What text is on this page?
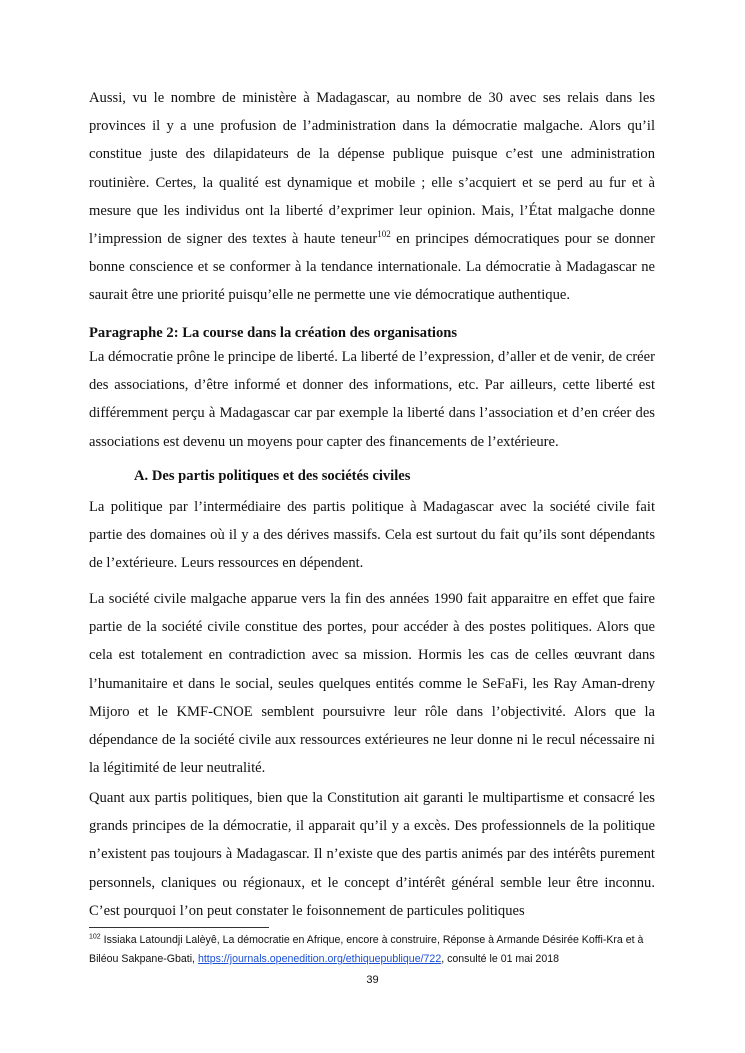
Aussi, vu le nombre de ministère à Madagascar, au nombre de 30 avec ses relais dans les provinces il y a une profusion de l’administration dans la démocratie malgache. Alors qu’il constitue juste des dilapidateurs de la dépense publique puisque c’est une administration routinière. Certes, la qualité est dynamique et mobile ; elle s’acquiert et se perd au fur et à mesure que les individus ont la liberté d’exprimer leur opinion. Mais, l’État malgache donne l’impression de signer des textes à haute teneur$^{102}$ en principes démocratiques pour se donner bonne conscience et se conformer à la tendance internationale. La démocratie à Madagascar ne saurait être une priorité puisqu’elle ne permette une vie démocratique authentique.

Paragraphe 2: La course dans la création des organisations

La démocratie prône le principe de liberté. La liberté de l’expression, d’aller et de venir, de créer des associations, d’être informé et donner des informations, etc. Par ailleurs, cette liberté est différemment perçu à Madagascar car par exemple la liberté dans l’association et d’en créer des associations est devenu un moyens pour capter des financements de l’extérieure.

A. Des partis politiques et des sociétés civiles

La politique par l’intermédiaire des partis politique à Madagascar avec la société civile fait partie des domaines où il y a des dérives massifs. Cela est surtout du fait qu’ils sont dépendants de l’extérieure. Leurs ressources en dépendent.

La société civile malgache apparue vers la fin des années 1990 fait apparaitre en effet que faire partie de la société civile constitue des portes, pour accéder à des postes politiques. Alors que cela est totalement en contradiction avec sa mission. Hormis les cas de celles œuvrant dans l’humanitaire et dans le social, seules quelques entités comme le SeFaFi, les Ray Aman-dreny Mijoro et le KMF-CNOE semblent poursuivre leur rôle dans l’objectivité. Alors que la dépendance de la société civile aux ressources extérieures ne leur donne ni le recul nécessaire ni la légitimité de leur neutralité.

Quant aux partis politiques, bien que la Constitution ait garanti le multipartisme et consacré les grands principes de la démocratie, il apparait qu’il y a excès. Des professionnels de la politique n’existent pas toujours à Madagascar. Il n’existe que des partis animés par des intérêts purement personnels, claniques ou régionaux, et le concept d’intérêt général semble leur être inconnu. C’est pourquoi l’on peut constater le foisonnement de particules politiques

$^{102}$ Issiaka Latoundji Lalèyê, La démocratie en Afrique, encore à construire, Réponse à Armande Désirée Koffi-Kra et à Biléou Sakpane-Gbati, https://journals.openedition.org/ethiquepublique/722, consulté le 01 mai 2018

39
